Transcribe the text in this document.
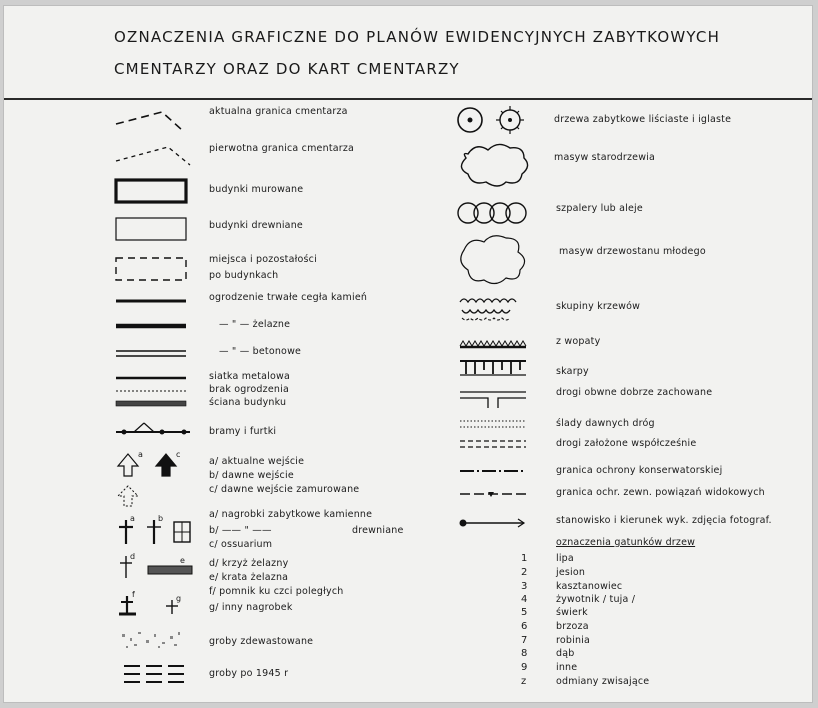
OZNACZENIA GRAFICZNE DO PLANÓW EWIDENCYJNYCH ZABYTKOWYCH
CMENTARZY ORAZ DO KART CMENTARZY
aktualna granica cmentarza
pierwotna granica cmentarza
budynki murowane
budynki drewniane
miejsca i pozostałości
po budynkach
ogrodzenie trwałe cegła kamień
— " — żelazne
— " — betonowe
siatka metalowa
brak ogrodzenia
ściana budynku
bramy i furtki
a	c
a/ aktualne wejście
b/ dawne wejście
c/ dawne wejście zamurowane
a	b	a/ nagrobki zabytkowe kamienne
b/ —— " ——	drewniane
c/ ossuarium
d	e	d/ krzyż żelazny
e/ krata żelazna
f	g
f/ pomnik ku czci poległych
g/ inny nagrobek
groby zdewastowane
groby po 1945 r
drzewa zabytkowe liściaste i iglaste
masyw starodrzewia
szpalery lub aleje
masyw drzewostanu młodego
skupiny krzewów
z wopaty
skarpy
drogi obwne dobrze zachowane
ślady dawnych dróg
drogi założone współcześnie
granica ochrony konserwatorskiej
granica ochr. zewn. powiązań widokowych
stanowisko i kierunek wyk. zdjęcia fotograf.
oznaczenia gatunków drzew
1	lipa
2	jesion
3	kasztanowiec
4	żywotnik / tuja /
5	świerk
6	brzoza
7	robinia
8	dąb
9	inne
z	odmiany zwisające
